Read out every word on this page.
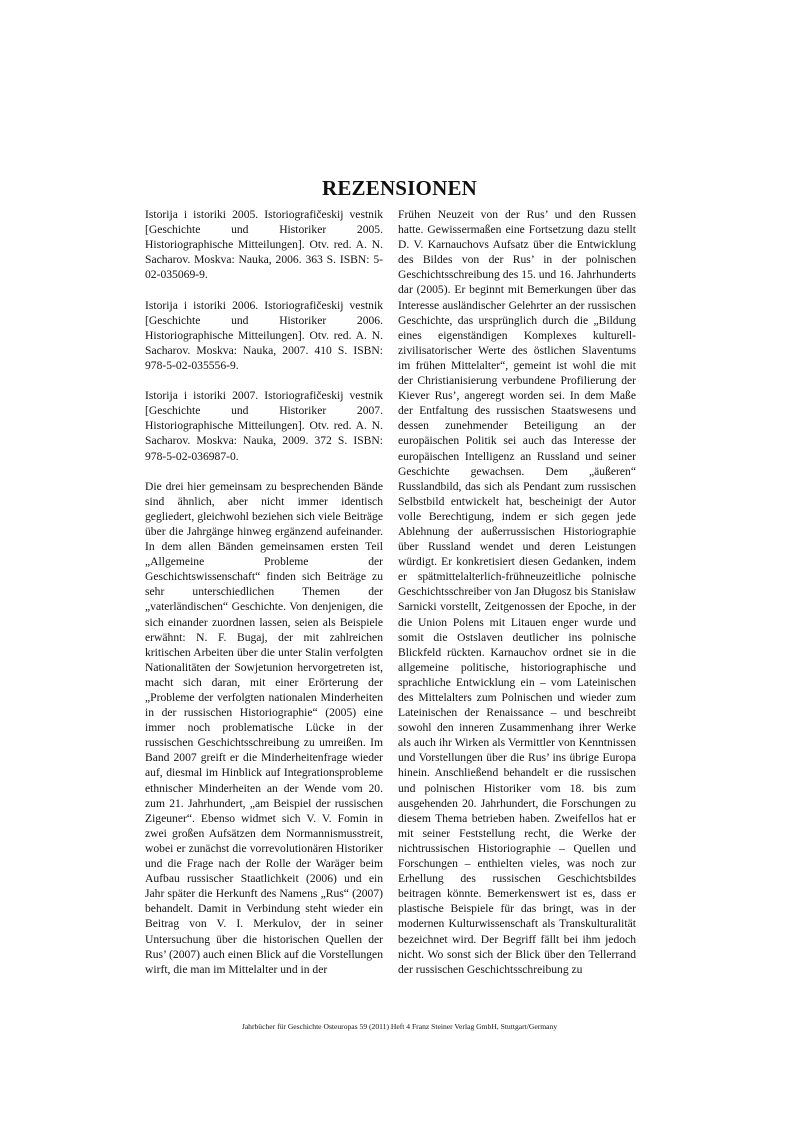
REZENSIONEN

Istorija i istoriki 2005. Istoriografičeskij vestnik [Geschichte und Historiker 2005. Historiographische Mitteilungen]. Otv. red. A. N. Sacharov. Moskva: Nauka, 2006. 363 S. ISBN: 5-02-035069-9.

Istorija i istoriki 2006. Istoriografičeskij vestnik [Geschichte und Historiker 2006. Historiographische Mitteilungen]. Otv. red. A. N. Sacharov. Moskva: Nauka, 2007. 410 S. ISBN: 978-5-02-035556-9.

Istorija i istoriki 2007. Istoriografičeskij vestnik [Geschichte und Historiker 2007. Historiographische Mitteilungen]. Otv. red. A. N. Sacharov. Moskva: Nauka, 2009. 372 S. ISBN: 978-5-02-036987-0.

Die drei hier gemeinsam zu besprechenden Bände sind ähnlich, aber nicht immer identisch gegliedert, gleichwohl beziehen sich viele Beiträge über die Jahrgänge hinweg ergänzend aufeinander. In dem allen Bänden gemeinsamen ersten Teil „Allgemeine Probleme der Geschichtswissenschaft“ finden sich Beiträge zu sehr unterschiedlichen Themen der „vaterländischen“ Geschichte. Von denjenigen, die sich einander zuordnen lassen, seien als Beispiele erwähnt: N. F. Bugaj, der mit zahlreichen kritischen Arbeiten über die unter Stalin verfolgten Nationalitäten der Sowjetunion hervorgetreten ist, macht sich daran, mit einer Erörterung der „Probleme der verfolgten nationalen Minderheiten in der russischen Historiographie“ (2005) eine immer noch problematische Lücke in der russischen Geschichtsschreibung zu umreißen. Im Band 2007 greift er die Minderheitenfrage wieder auf, diesmal im Hinblick auf Integrationsprobleme ethnischer Minderheiten an der Wende vom 20. zum 21. Jahrhundert, „am Beispiel der russischen Zigeuner“. Ebenso widmet sich V. V. Fomin in zwei großen Aufsätzen dem Normannismusstreit, wobei er zunächst die vorrevolutionären Historiker und die Frage nach der Rolle der Waräger beim Aufbau russischer Staatlichkeit (2006) und ein Jahr später die Herkunft des Namens „Rus“ (2007) behandelt. Damit in Verbindung steht wieder ein Beitrag von V. I. Merkulov, der in seiner Untersuchung über die historischen Quellen der Rus’ (2007) auch einen Blick auf die Vorstellungen wirft, die man im Mittelalter und in der

Frühen Neuzeit von der Rus’ und den Russen hatte. Gewissermaßen eine Fortsetzung dazu stellt D. V. Karnauchovs Aufsatz über die Entwicklung des Bildes von der Rus’ in der polnischen Geschichtsschreibung des 15. und 16. Jahrhunderts dar (2005). Er beginnt mit Bemerkungen über das Interesse ausländischer Gelehrter an der russischen Geschichte, das ursprünglich durch die „Bildung eines eigenständigen Komplexes kulturell-zivilisatorischer Werte des östlichen Slaventums im frühen Mittelalter“, gemeint ist wohl die mit der Christianisierung verbundene Profilierung der Kiever Rus’, angeregt worden sei. In dem Maße der Entfaltung des russischen Staatswesens und dessen zunehmender Beteiligung an der europäischen Politik sei auch das Interesse der europäischen Intelligenz an Russland und seiner Geschichte gewachsen. Dem „äußeren“ Russlandbild, das sich als Pendant zum russischen Selbstbild entwickelt hat, bescheinigt der Autor volle Berechtigung, indem er sich gegen jede Ablehnung der außerrussischen Historiographie über Russland wendet und deren Leistungen würdigt. Er konkretisiert diesen Gedanken, indem er spätmittelalterlich-frühneuzeitliche polnische Geschichtsschreiber von Jan Długosz bis Stanisław Sarnicki vorstellt, Zeitgenossen der Epoche, in der die Union Polens mit Litauen enger wurde und somit die Ostslaven deutlicher ins polnische Blickfeld rückten. Karnauchov ordnet sie in die allgemeine politische, historiographische und sprachliche Entwicklung ein – vom Lateinischen des Mittelalters zum Polnischen und wieder zum Lateinischen der Renaissance – und beschreibt sowohl den inneren Zusammenhang ihrer Werke als auch ihr Wirken als Vermittler von Kenntnissen und Vorstellungen über die Rus’ ins übrige Europa hinein. Anschließend behandelt er die russischen und polnischen Historiker vom 18. bis zum ausgehenden 20. Jahrhundert, die Forschungen zu diesem Thema betrieben haben. Zweifellos hat er mit seiner Feststellung recht, die Werke der nichtrussischen Historiographie – Quellen und Forschungen – enthielten vieles, was noch zur Erhellung des russischen Geschichtsbildes beitragen könnte. Bemerkenswert ist es, dass er plastische Beispiele für das bringt, was in der modernen Kulturwissenschaft als Transkulturalität bezeichnet wird. Der Begriff fällt bei ihm jedoch nicht. Wo sonst sich der Blick über den Tellerrand der russischen Geschichtsschreibung zu

Jahrbücher für Geschichte Osteuropas 59 (2011) Heft 4 Franz Steiner Verlag GmbH, Stuttgart/Germany
